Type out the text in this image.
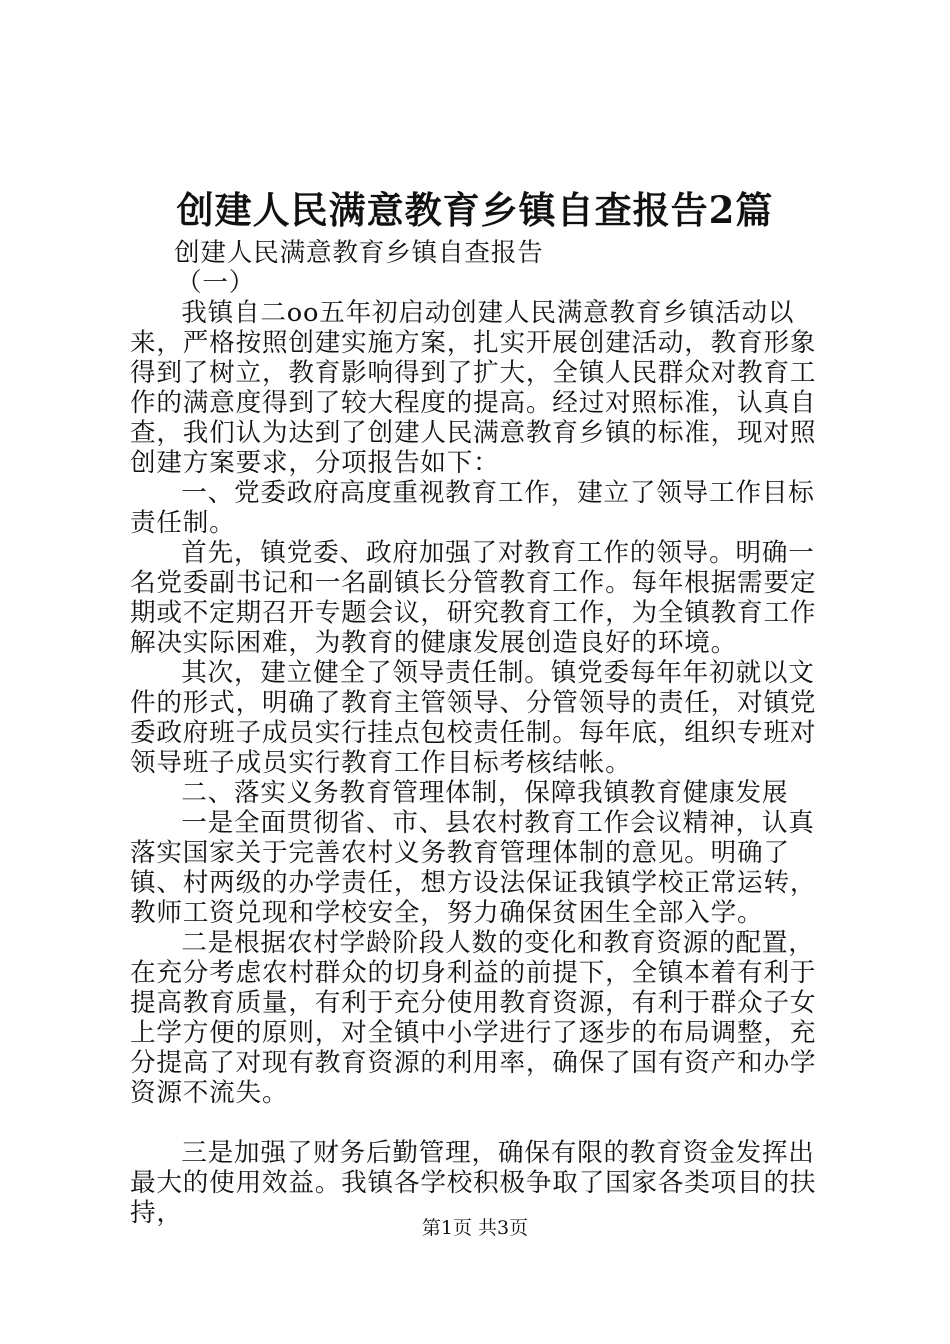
创建人民满意教育乡镇自查报告2篇

创建人民满意教育乡镇自查报告

（一）

我镇自二oo五年初启动创建人民满意教育乡镇活动以来，严格按照创建实施方案，扎实开展创建活动，教育形象得到了树立，教育影响得到了扩大，全镇人民群众对教育工作的满意度得到了较大程度的提高。经过对照标准，认真自查，我们认为达到了创建人民满意教育乡镇的标准，现对照创建方案要求，分项报告如下：

一、党委政府高度重视教育工作，建立了领导工作目标责任制。

首先，镇党委、政府加强了对教育工作的领导。明确一名党委副书记和一名副镇长分管教育工作。每年根据需要定期或不定期召开专题会议，研究教育工作，为全镇教育工作解决实际困难，为教育的健康发展创造良好的环境。

其次，建立健全了领导责任制。镇党委每年年初就以文件的形式，明确了教育主管领导、分管领导的责任，对镇党委政府班子成员实行挂点包校责任制。每年底，组织专班对领导班子成员实行教育工作目标考核结帐。

二、落实义务教育管理体制，保障我镇教育健康发展

一是全面贯彻省、市、县农村教育工作会议精神，认真落实国家关于完善农村义务教育管理体制的意见。明确了镇、村两级的办学责任，想方设法保证我镇学校正常运转，教师工资兑现和学校安全，努力确保贫困生全部入学。

二是根据农村学龄阶段人数的变化和教育资源的配置，在充分考虑农村群众的切身利益的前提下，全镇本着有利于提高教育质量，有利于充分使用教育资源，有利于群众子女上学方便的原则，对全镇中小学进行了逐步的布局调整，充分提高了对现有教育资源的利用率，确保了国有资产和办学资源不流失。

三是加强了财务后勤管理，确保有限的教育资金发挥出最大的使用效益。我镇各学校积极争取了国家各类项目的扶持，	第1页 共3页
